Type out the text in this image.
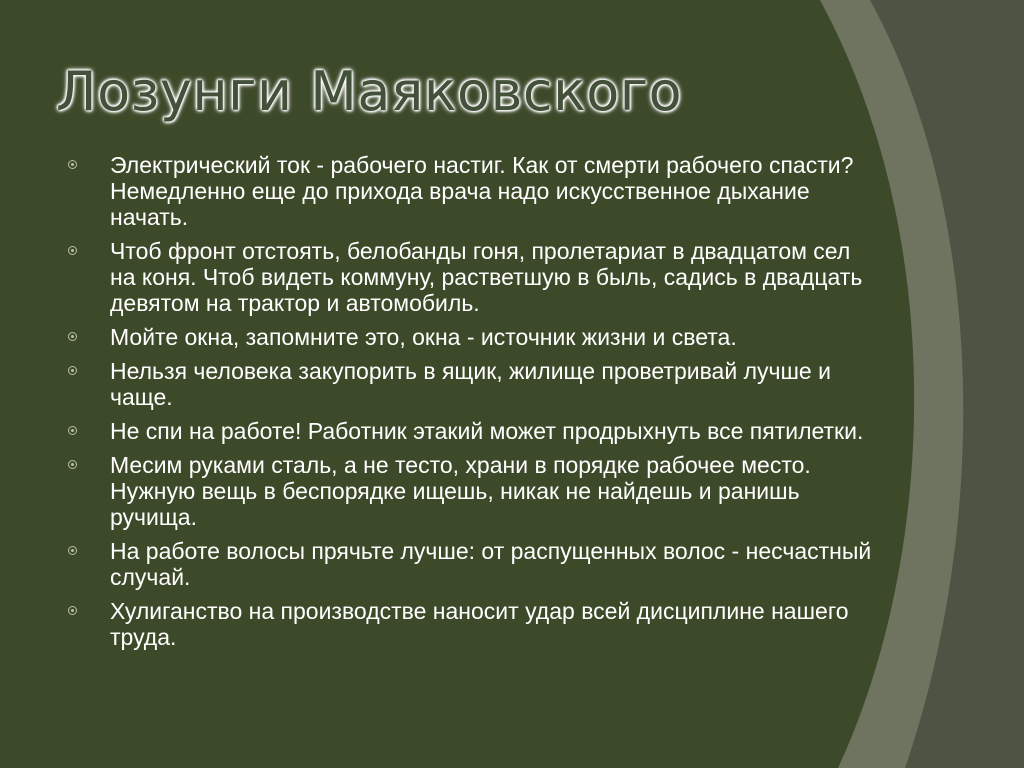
Лозунги Маяковского
Электрический ток - рабочего настиг. Как от смерти рабочего спасти? Немедленно еще до прихода врача надо искусственное дыхание начать.
Чтоб фронт отстоять, белобанды гоня, пролетариат в двадцатом сел на коня. Чтоб видеть коммуну, растветшую в быль, садись в двадцать девятом на трактор и автомобиль.
Мойте окна, запомните это, окна - источник жизни и света.
Нельзя человека закупорить в ящик, жилище проветривай лучше и чаще.
Не спи на работе! Работник этакий может продрыхнуть все пятилетки.
Месим руками сталь, а не тесто, храни в порядке рабочее место. Нужную вещь в беспорядке ищешь, никак не найдешь и ранишь ручища.
На работе волосы прячьте лучше: от распущенных волос - несчастный случай.
Хулиганство на производстве наносит удар всей дисциплине нашего труда.
